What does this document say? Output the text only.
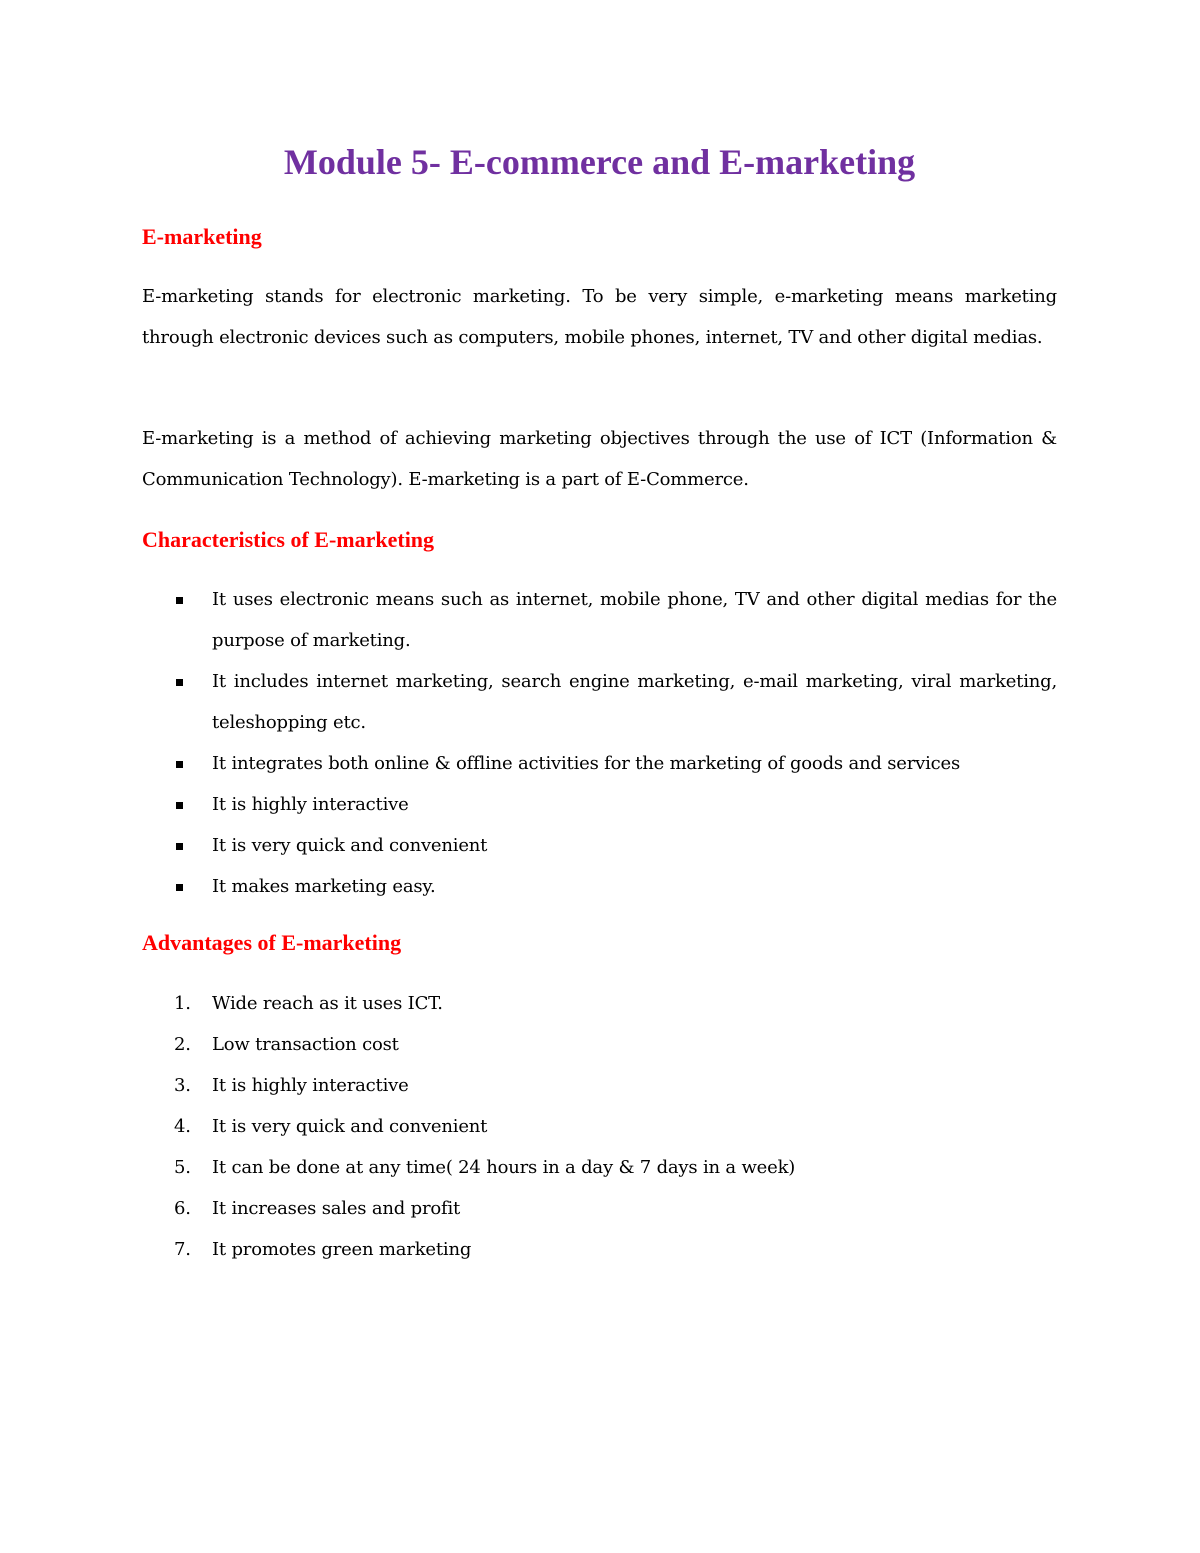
Module 5- E-commerce and E-marketing
E-marketing
E-marketing stands for electronic marketing. To be very simple, e-marketing means marketing through electronic devices such as computers, mobile phones, internet, TV and other digital medias.
E-marketing is a method of achieving marketing objectives through the use of ICT (Information & Communication Technology). E-marketing is a part of E-Commerce.
Characteristics of E-marketing
It uses electronic means such as internet, mobile phone, TV and other digital medias for the purpose of marketing.
It includes internet marketing, search engine marketing, e-mail marketing, viral marketing, teleshopping etc.
It integrates both online & offline activities for the marketing of goods and services
It is highly interactive
It is very quick and convenient
It makes marketing easy.
Advantages of E-marketing
1.	Wide reach as it uses ICT.
2.	Low transaction cost
3.	It is highly interactive
4.	It is very quick and convenient
5.	It can be done at any time( 24 hours in a day & 7 days in a week)
6.	It increases sales and profit
7.	It promotes green marketing
